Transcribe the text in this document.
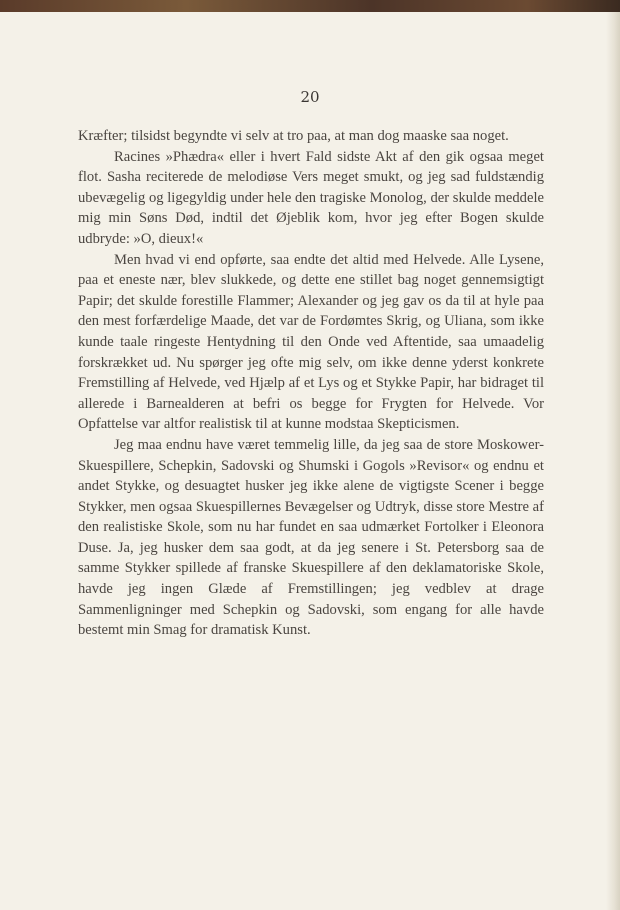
20

Kræfter; tilsidst begyndte vi selv at tro paa, at man dog maaske saa noget.

Racines »Phædra« eller i hvert Fald sidste Akt af den gik ogsaa meget flot. Sasha reciterede de melodiøse Vers meget smukt, og jeg sad fuldstændig ubevægelig og ligegyldig under hele den tragiske Monolog, der skulde meddele mig min Søns Død, indtil det Øjeblik kom, hvor jeg efter Bogen skulde udbryde: »O, dieux!«

Men hvad vi end opførte, saa endte det altid med Helvede. Alle Lysene, paa et eneste nær, blev slukkede, og dette ene stillet bag noget gennemsigtigt Papir; det skulde forestille Flammer; Alexander og jeg gav os da til at hyle paa den mest forfærdelige Maade, det var de Fordømtes Skrig, og Uliana, som ikke kunde taale ringeste Hentydning til den Onde ved Aftentide, saa umaadelig forskrækket ud. Nu spørger jeg ofte mig selv, om ikke denne yderst konkrete Fremstilling af Helvede, ved Hjælp af et Lys og et Stykke Papir, har bidraget til allerede i Barnealderen at befri os begge for Frygten for Helvede. Vor Opfattelse var altfor realistisk til at kunne modstaa Skepticismen.

Jeg maa endnu have været temmelig lille, da jeg saa de store Moskower-Skuespillere, Schepkin, Sadovski og Shumski i Gogols »Revisor« og endnu et andet Stykke, og desuagtet husker jeg ikke alene de vigtigste Scener i begge Stykker, men ogsaa Skuespillernes Bevægelser og Udtryk, disse store Mestre af den realistiske Skole, som nu har fundet en saa udmærket Fortolker i Eleonora Duse. Ja, jeg husker dem saa godt, at da jeg senere i St. Petersborg saa de samme Stykker spillede af franske Skuespillere af den deklamatoriske Skole, havde jeg ingen Glæde af Fremstillingen; jeg vedblev at drage Sammenligninger med Schepkin og Sadovski, som engang for alle havde bestemt min Smag for dramatisk Kunst.
